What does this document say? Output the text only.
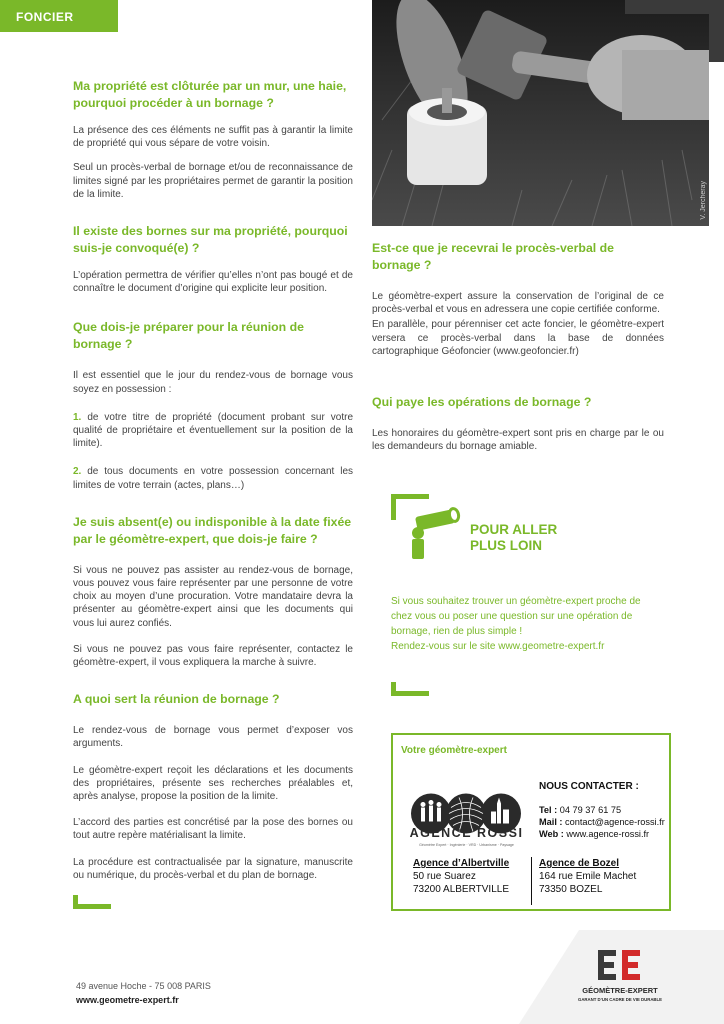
FONCIER
V. Jercheray
Ma propriété est clôturée par un mur, une haie, pourquoi procéder à un bornage ?

La présence des ces éléments ne suffit pas à garantir la limite de propriété qui vous sépare de votre voisin.

Seul un procès-verbal de bornage et/ou de reconnaissance de limites signé par les propriétaires permet de garantir la position de la limite.

Il existe des bornes sur ma propriété, pourquoi suis-je convoqué(e) ?

L’opération permettra de vérifier qu’elles n’ont pas bougé et de connaître le document d’origine qui explicite leur position.

Que dois-je préparer pour la réunion de bornage ?

Il est essentiel que le jour du rendez-vous de bornage vous soyez en possession :

1. de votre titre de propriété (document probant sur votre qualité de propriétaire et éventuellement sur la position de la limite).

2. de tous documents en votre possession concernant les limites de votre terrain (actes, plans…)

Je suis absent(e) ou indisponible à la date fixée par le géomètre-expert, que dois-je faire ?

Si vous ne pouvez pas assister au rendez-vous de bornage, vous pouvez vous faire représenter par une personne de votre choix au moyen d’une procuration. Votre mandataire devra la présenter au géomètre-expert ainsi que les documents qui vous lui aurez confiés.

Si vous ne pouvez pas vous faire représenter, contactez le géomètre-expert, il vous expliquera la marche à suivre.

A quoi sert la réunion de bornage ?

Le rendez-vous de bornage vous permet d’exposer vos arguments.

Le géomètre-expert reçoit les déclarations et les documents des propriétaires, présente ses recherches préalables et, après analyse, propose la position de la limite.

L’accord des parties est concrétisé par la pose des bornes ou tout autre repère matérialisant la limite.

La procédure est contractualisée par la signature, manuscrite ou numérique, du procès-verbal et du plan de bornage.

Est-ce que je recevrai le procès-verbal de bornage ?

Le géomètre-expert assure la conservation de l’original de ce procès-verbal et vous en adressera une copie certifiée conforme.

En parallèle, pour pérenniser cet acte foncier, le géomètre-expert versera ce procès-verbal dans la base de données cartographique Géofoncier (www.geofoncier.fr)

Qui paye les opérations de bornage ?

Les honoraires du géomètre-expert sont pris en charge par le ou les demandeurs du bornage amiable.

POUR ALLER
PLUS LOIN
Si vous souhaitez trouver un géomètre-expert proche de
chez vous ou poser une question sur une opération de
bornage, rien de plus simple !
Rendez-vous sur le site www.geometre-expert.fr
Votre géomètre-expert
AGENCE ROSSI
Géomètre Expert · Ingénierie · VRD · Urbanisme · Paysage
NOUS CONTACTER :
Tel : 04 79 37 61 75
Mail : contact@agence-rossi.fr
Web : www.agence-rossi.fr
Agence d’Albertville
50 rue Suarez
73200 ALBERTVILLE
Agence de Bozel
164 rue Emile Machet
73350 BOZEL
GÉOMÈTRE-EXPERT
GARANT D’UN CADRE DE VIE DURABLE
49 avenue Hoche - 75 008 PARIS
www.geometre-expert.fr
